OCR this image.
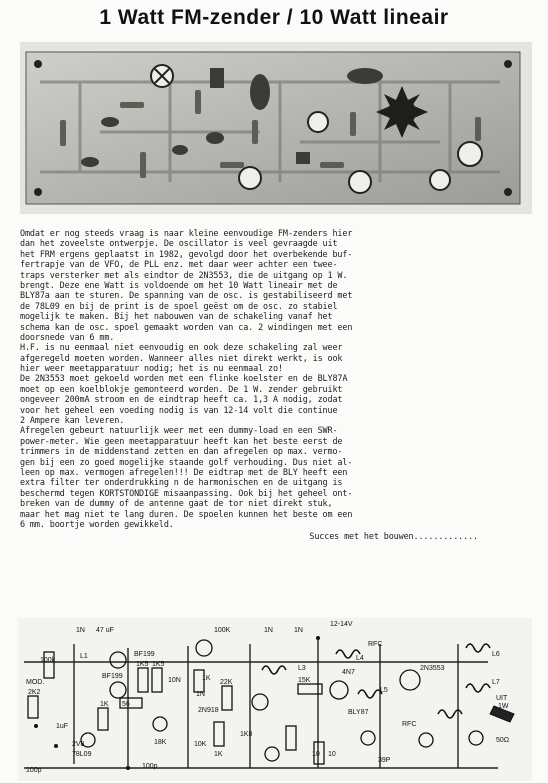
1 Watt FM-zender / 10 Watt lineair
Omdat er nog steeds vraag is naar kleine eenvoudige FM-zenders hier
dan het zoveelste ontwerpje. De oscillator is veel gevraagde uit
het FRM ergens geplaatst in 1982, gevolgd door het overbekende buf-
fertrapje van de VFO, de PLL enz. met daar weer achter een twee-
traps versterker met als eindtor de 2N3553, die de uitgang op 1 W.
brengt. Deze ene Watt is voldoende om het 10 Watt lineair met de
BLY87a aan te sturen. De spanning van de osc. is gestabiliseerd met
de 78L09 en bij de print is de spoel geëst om de osc. zo stabiel
mogelijk te maken. Bij het nabouwen van de schakeling vanaf het
schema kan de osc. spoel gemaakt worden van ca. 2 windingen met een
doorsnede van 6 mm.
H.F. is nu eenmaal niet eenvoudig en ook deze schakeling zal weer
afgeregeld moeten worden. Wanneer alles niet direkt werkt, is ook
hier weer meetapparatuur nodig; het is nu eenmaal zo!
De 2N3553 moet gekoeld worden met een flinke koelster en de BLY87A
moet op een koelblokje gemonteerd worden. De 1 W. zender gebruikt
ongeveer 200mA stroom en de eindtrap heeft ca. 1,3 A nodig, zodat
voor het geheel een voeding nodig is van 12-14 volt die continue
2 Ampere kan leveren.
Afregelen gebeurt natuurlijk weer met een dummy-load en een SWR-
power-meter. Wie geen meetapparatuur heeft kan het beste eerst de
trimmers in de middenstand zetten en dan afregelen op max. vermo-
gen bij een zo goed mogelijke staande golf verhouding. Dus niet al-
leen op max. vermogen afregelen!!! De eidtrap met de BLY heeft een
extra filter ter onderdrukking n de harmonischen en de uitgang is
beschermd tegen KORTSTONDIGE misaanpassing. Ook bij het geheel ont-
breken van de dummy of de antenne gaat de tor niet direkt stuk,
maar het mag niet te lang duren. De spoelen kunnen het beste om een
6 mm. boortje worden gewikkeld.
Succes met het bouwen.............
1N 47 uF
100k
100K	1N	1N
12-14V
RFC
L1
BF199
BF199
2K2
1K 56
1K5 1K5
1K8
22K
1K
10N
1N
2N918
MOD.
1uF
78L09
2V8
100p
100p
18K	10K
1K
15K
L3
L4
L5
L6
L7
BLY87
2N3553
RFC
4N7
39P
10 10
UIT
1W
50Ω
